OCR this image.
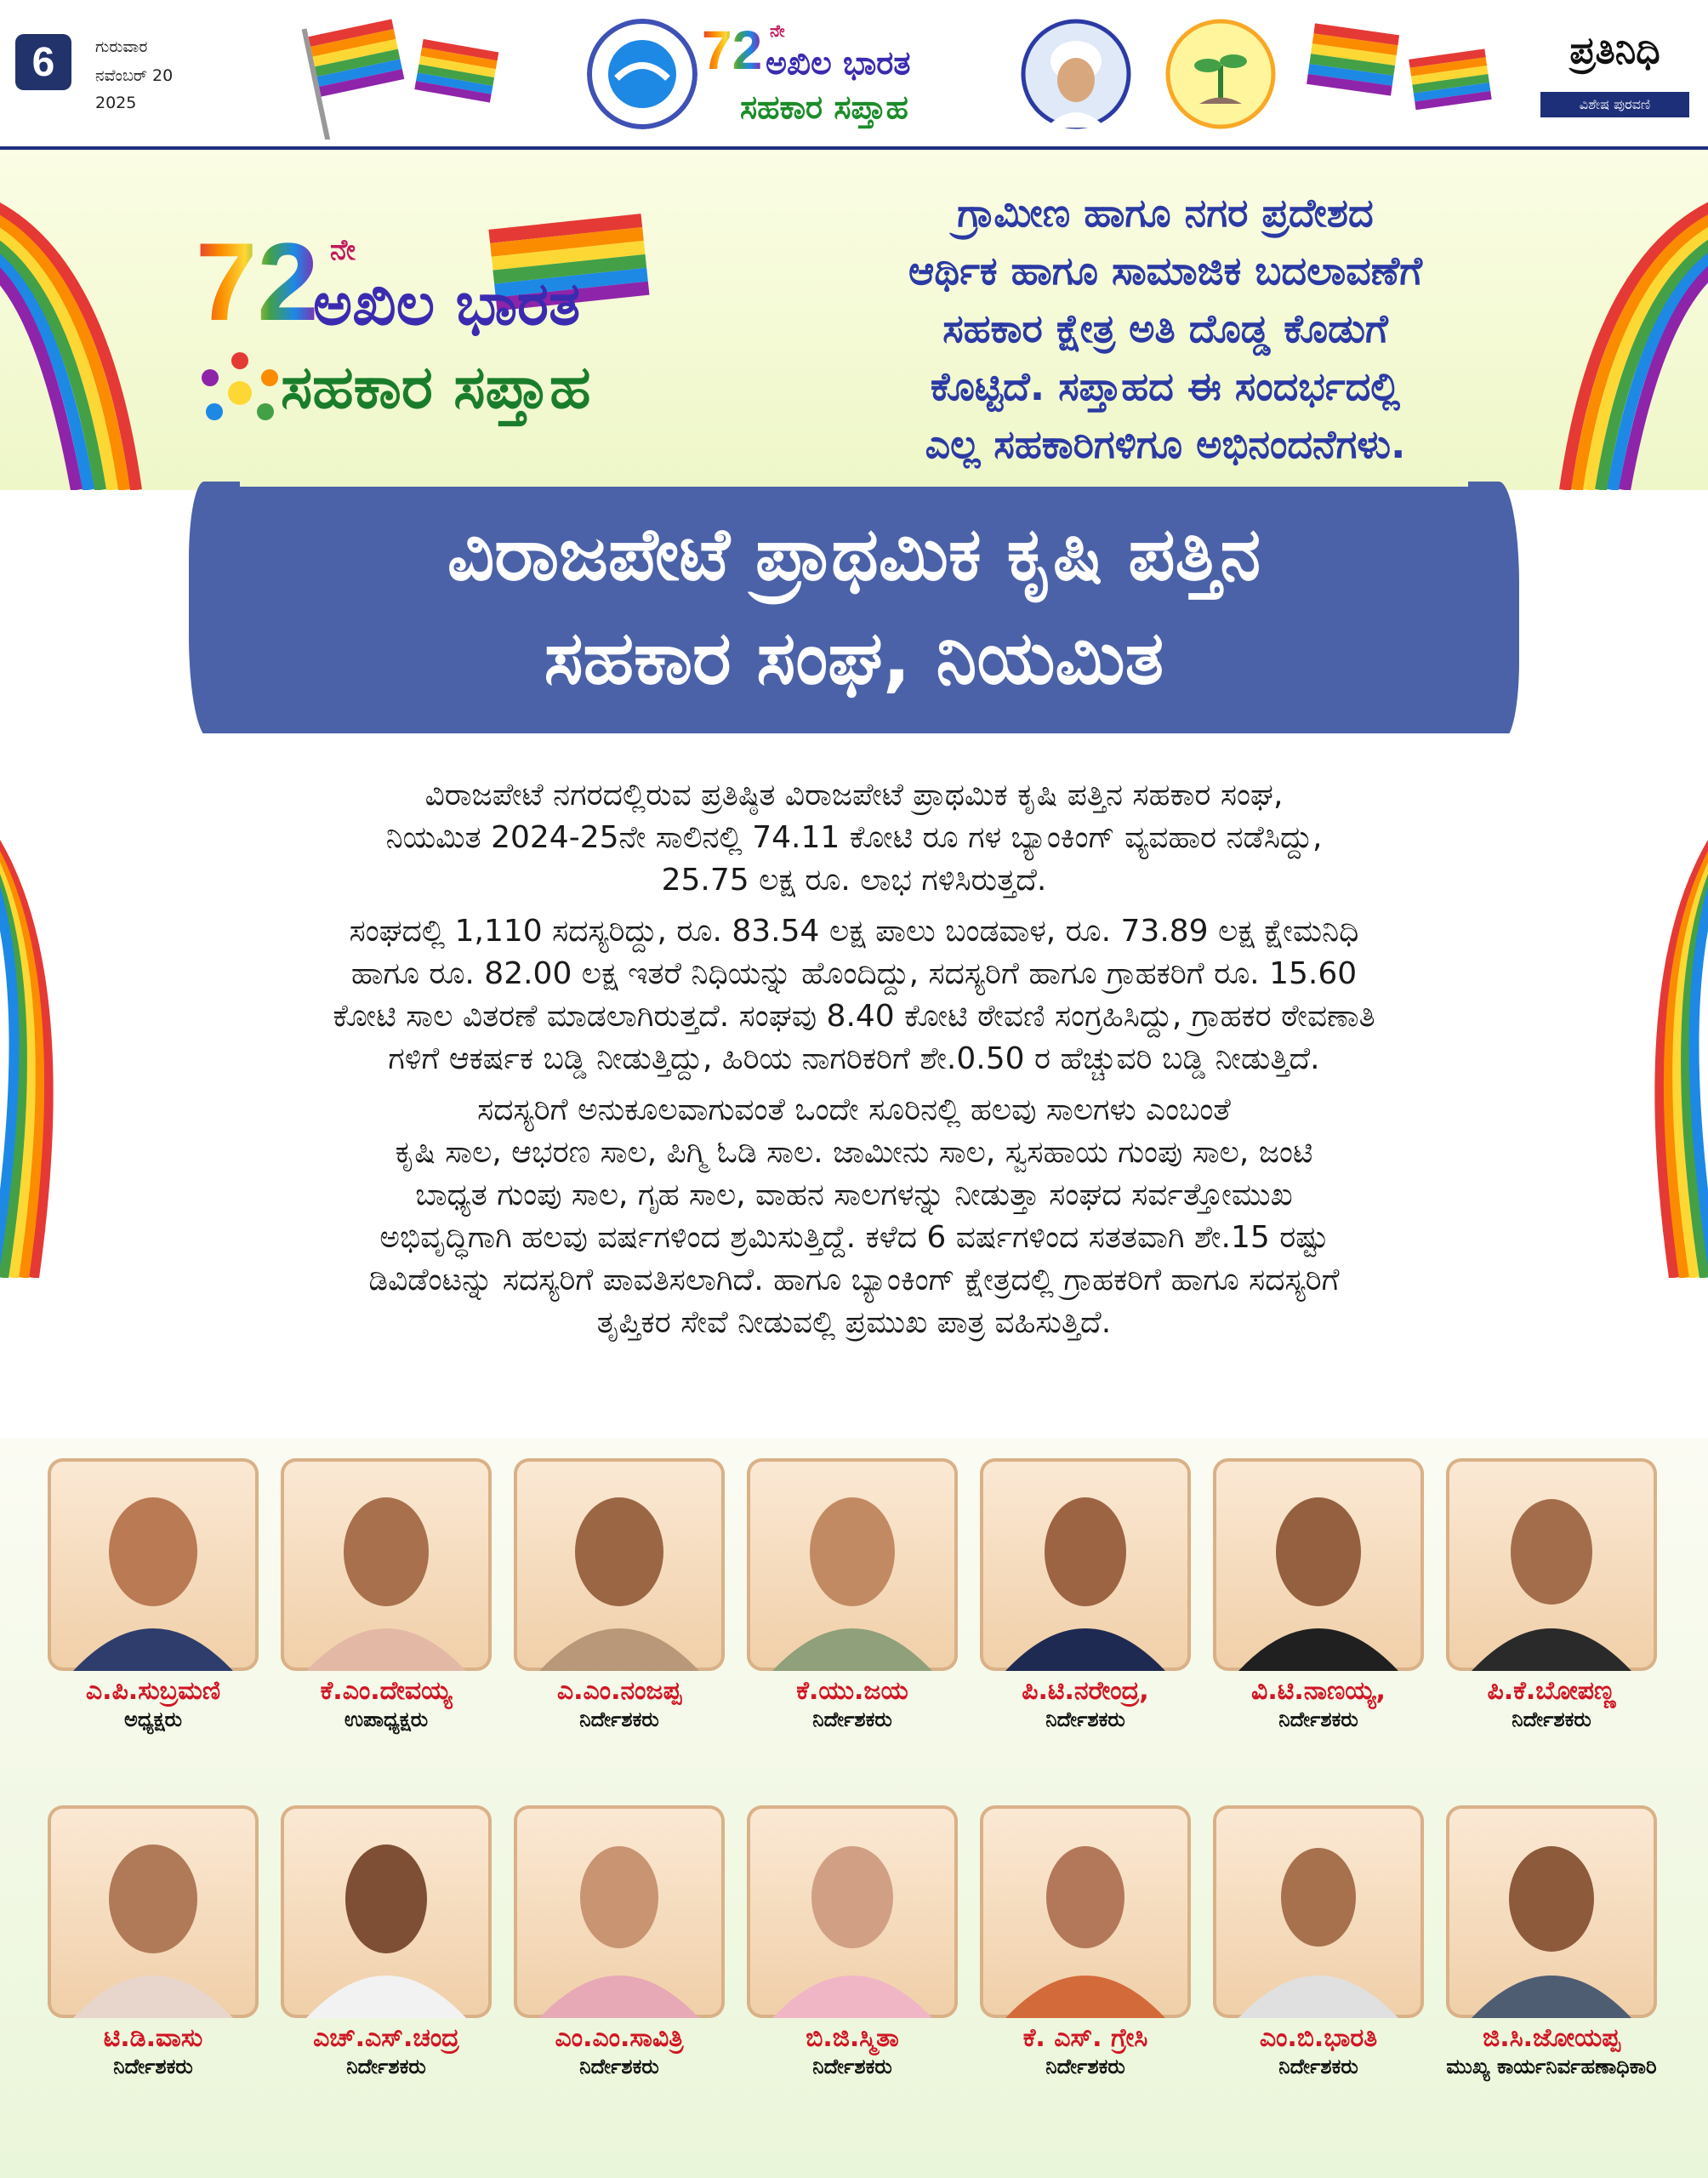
6	ಗುರುವಾರ
ನವೆಂಬರ್ 20
2025
72 ನೇ
ಅಖಿಲ ಭಾರತ
ಸಹಕಾರ ಸಪ್ತಾಹ
ಪ್ರತಿನಿಧಿ
ವಿಶೇಷ ಪುರವಣಿ
72 ನೇ
ಅಖಿಲ ಭಾರತ
ಸಹಕಾರ ಸಪ್ತಾಹ
ಗ್ರಾಮೀಣ ಹಾಗೂ ನಗರ ಪ್ರದೇಶದ
ಆರ್ಥಿಕ ಹಾಗೂ ಸಾಮಾಜಿಕ ಬದಲಾವಣೆಗೆ
ಸಹಕಾರ ಕ್ಷೇತ್ರ ಅತಿ ದೊಡ್ಡ ಕೊಡುಗೆ
ಕೊಟ್ಟಿದೆ. ಸಪ್ತಾಹದ ಈ ಸಂದರ್ಭದಲ್ಲಿ
ಎಲ್ಲ ಸಹಕಾರಿಗಳಿಗೂ ಅಭಿನಂದನೆಗಳು.
ವಿರಾಜಪೇಟೆ ಪ್ರಾಥಮಿಕ ಕೃಷಿ ಪತ್ತಿನ
ಸಹಕಾರ ಸಂಘ, ನಿಯಮಿತ

ವಿರಾಜಪೇಟೆ ನಗರದಲ್ಲಿರುವ ಪ್ರತಿಷ್ಠಿತ ವಿರಾಜಪೇಟೆ ಪ್ರಾಥಮಿಕ ಕೃಷಿ ಪತ್ತಿನ ಸಹಕಾರ ಸಂಘ,
ನಿಯಮಿತ 2024-25ನೇ ಸಾಲಿನಲ್ಲಿ 74.11 ಕೋಟಿ ರೂ ಗಳ ಬ್ಯಾಂಕಿಂಗ್ ವ್ಯವಹಾರ ನಡೆಸಿದ್ದು,
25.75 ಲಕ್ಷ ರೂ. ಲಾಭ ಗಳಿಸಿರುತ್ತದೆ.

ಸಂಘದಲ್ಲಿ 1,110 ಸದಸ್ಯರಿದ್ದು, ರೂ. 83.54 ಲಕ್ಷ ಪಾಲು ಬಂಡವಾಳ, ರೂ. 73.89 ಲಕ್ಷ ಕ್ಷೇಮನಿಧಿ
ಹಾಗೂ ರೂ. 82.00 ಲಕ್ಷ ಇತರೆ ನಿಧಿಯನ್ನು ಹೊಂದಿದ್ದು, ಸದಸ್ಯರಿಗೆ ಹಾಗೂ ಗ್ರಾಹಕರಿಗೆ ರೂ. 15.60
ಕೋಟಿ ಸಾಲ ವಿತರಣೆ ಮಾಡಲಾಗಿರುತ್ತದೆ. ಸಂಘವು 8.40 ಕೋಟಿ ಠೇವಣಿ ಸಂಗ್ರಹಿಸಿದ್ದು, ಗ್ರಾಹಕರ ಠೇವಣಾತಿ
ಗಳಿಗೆ ಆಕರ್ಷಕ ಬಡ್ಡಿ ನೀಡುತ್ತಿದ್ದು, ಹಿರಿಯ ನಾಗರಿಕರಿಗೆ ಶೇ.0.50 ರ ಹೆಚ್ಚುವರಿ ಬಡ್ಡಿ ನೀಡುತ್ತಿದೆ.

ಸದಸ್ಯರಿಗೆ ಅನುಕೂಲವಾಗುವಂತೆ ಒಂದೇ ಸೂರಿನಲ್ಲಿ ಹಲವು ಸಾಲಗಳು ಎಂಬಂತೆ
ಕೃಷಿ ಸಾಲ, ಆಭರಣ ಸಾಲ, ಪಿಗ್ಮಿ ಓಡಿ ಸಾಲ. ಜಾಮೀನು ಸಾಲ, ಸ್ವಸಹಾಯ ಗುಂಪು ಸಾಲ, ಜಂಟಿ
ಬಾಧ್ಯತ ಗುಂಪು ಸಾಲ, ಗೃಹ ಸಾಲ, ವಾಹನ ಸಾಲಗಳನ್ನು ನೀಡುತ್ತಾ ಸಂಘದ ಸರ್ವತ್ತೋಮುಖ
ಅಭಿವೃದ್ಧಿಗಾಗಿ ಹಲವು ವರ್ಷಗಳಿಂದ ಶ್ರಮಿಸುತ್ತಿದ್ದೆ. ಕಳೆದ 6 ವರ್ಷಗಳಿಂದ ಸತತವಾಗಿ ಶೇ.15 ರಷ್ಟು
ಡಿವಿಡೆಂಟನ್ನು ಸದಸ್ಯರಿಗೆ ಪಾವತಿಸಲಾಗಿದೆ. ಹಾಗೂ ಬ್ಯಾಂಕಿಂಗ್ ಕ್ಷೇತ್ರದಲ್ಲಿ ಗ್ರಾಹಕರಿಗೆ ಹಾಗೂ ಸದಸ್ಯರಿಗೆ
ತೃಪ್ತಿಕರ ಸೇವೆ ನೀಡುವಲ್ಲಿ ಪ್ರಮುಖ ಪಾತ್ರ ವಹಿಸುತ್ತಿದೆ.

ಎ.ಪಿ.ಸುಬ್ರಮಣಿ
ಅಧ್ಯಕ್ಷರು
ಕೆ.ಎಂ.ದೇವಯ್ಯ
ಉಪಾಧ್ಯಕ್ಷರು
ಎ.ಎಂ.ನಂಜಪ್ಪ
ನಿರ್ದೇಶಕರು
ಕೆ.ಯು.ಜಯ
ನಿರ್ದೇಶಕರು
ಪಿ.ಟಿ.ನರೇಂದ್ರ,
ನಿರ್ದೇಶಕರು
ವಿ.ಟಿ.ನಾಣಯ್ಯ,
ನಿರ್ದೇಶಕರು
ಪಿ.ಕೆ.ಬೋಪಣ್ಣ
ನಿರ್ದೇಶಕರು
ಟಿ.ಡಿ.ವಾಸು
ನಿರ್ದೇಶಕರು
ಎಚ್.ಎಸ್.ಚಂದ್ರ
ನಿರ್ದೇಶಕರು
ಎಂ.ಎಂ.ಸಾವಿತ್ರಿ
ನಿರ್ದೇಶಕರು
ಬಿ.ಜಿ.ಸ್ಮಿತಾ
ನಿರ್ದೇಶಕರು
ಕೆ. ಎಸ್. ಗ್ರೇಸಿ
ನಿರ್ದೇಶಕರು
ಎಂ.ಬಿ.ಭಾರತಿ
ನಿರ್ದೇಶಕರು
ಜಿ.ಸಿ.ಜೋಯಪ್ಪ
ಮುಖ್ಯ ಕಾರ್ಯನಿರ್ವಹಣಾಧಿಕಾರಿ
